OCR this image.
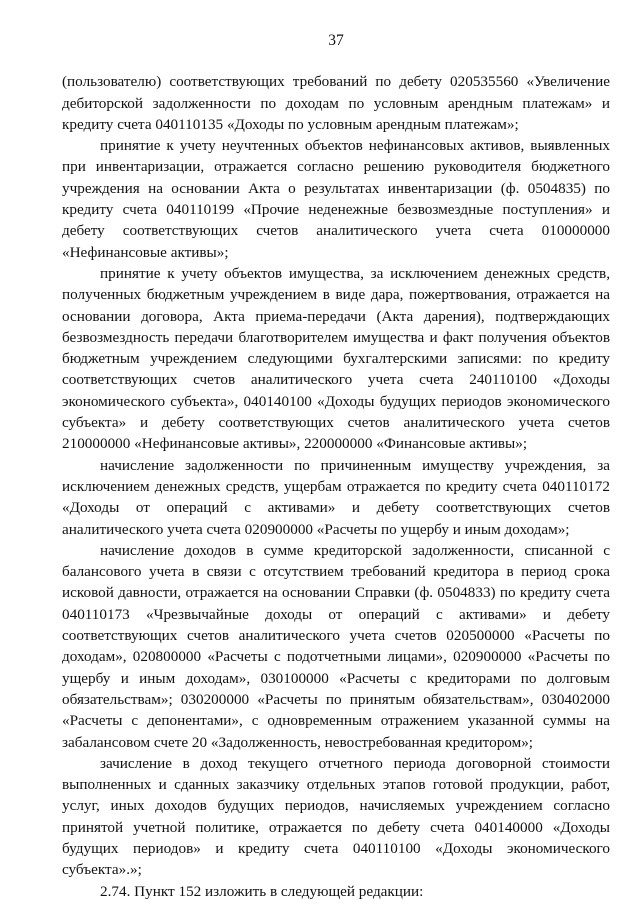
37

(пользователю) соответствующих требований по дебету 020535560 «Увеличение дебиторской задолженности по доходам по условным арендным платежам» и кредиту счета 040110135 «Доходы по условным арендным платежам»;

принятие к учету неучтенных объектов нефинансовых активов, выявленных при инвентаризации, отражается согласно решению руководителя бюджетного учреждения на основании Акта о результатах инвентаризации (ф. 0504835) по кредиту счета 040110199 «Прочие неденежные безвозмездные поступления» и дебету соответствующих счетов аналитического учета счета 010000000 «Нефинансовые активы»;

принятие к учету объектов имущества, за исключением денежных средств, полученных бюджетным учреждением в виде дара, пожертвования, отражается на основании договора, Акта приема-передачи (Акта дарения), подтверждающих безвозмездность передачи благотворителем имущества и факт получения объектов бюджетным учреждением следующими бухгалтерскими записями: по кредиту соответствующих счетов аналитического учета счета 240110100 «Доходы экономического субъекта», 040140100 «Доходы будущих периодов экономического субъекта» и дебету соответствующих счетов аналитического учета счетов 210000000 «Нефинансовые активы», 220000000 «Финансовые активы»;

начисление задолженности по причиненным имуществу учреждения, за исключением денежных средств, ущербам отражается по кредиту счета 040110172 «Доходы от операций с активами» и дебету соответствующих счетов аналитического учета счета 020900000 «Расчеты по ущербу и иным доходам»;

начисление доходов в сумме кредиторской задолженности, списанной с балансового учета в связи с отсутствием требований кредитора в период срока исковой давности, отражается на основании Справки (ф. 0504833) по кредиту счета 040110173 «Чрезвычайные доходы от операций с активами» и дебету соответствующих счетов аналитического учета счетов 020500000 «Расчеты по доходам», 020800000 «Расчеты с подотчетными лицами», 020900000 «Расчеты по ущербу и иным доходам», 030100000 «Расчеты с кредиторами по долговым обязательствам»; 030200000 «Расчеты по принятым обязательствам», 030402000 «Расчеты с депонентами», с одновременным отражением указанной суммы на забалансовом счете 20 «Задолженность, невостребованная кредитором»;

зачисление в доход текущего отчетного периода договорной стоимости выполненных и сданных заказчику отдельных этапов готовой продукции, работ, услуг, иных доходов будущих периодов, начисляемых учреждением согласно принятой учетной политике, отражается по дебету счета 040140000 «Доходы будущих периодов» и кредиту счета 040110100 «Доходы экономического субъекта».»;

2.74. Пункт 152 изложить в следующей редакции:
